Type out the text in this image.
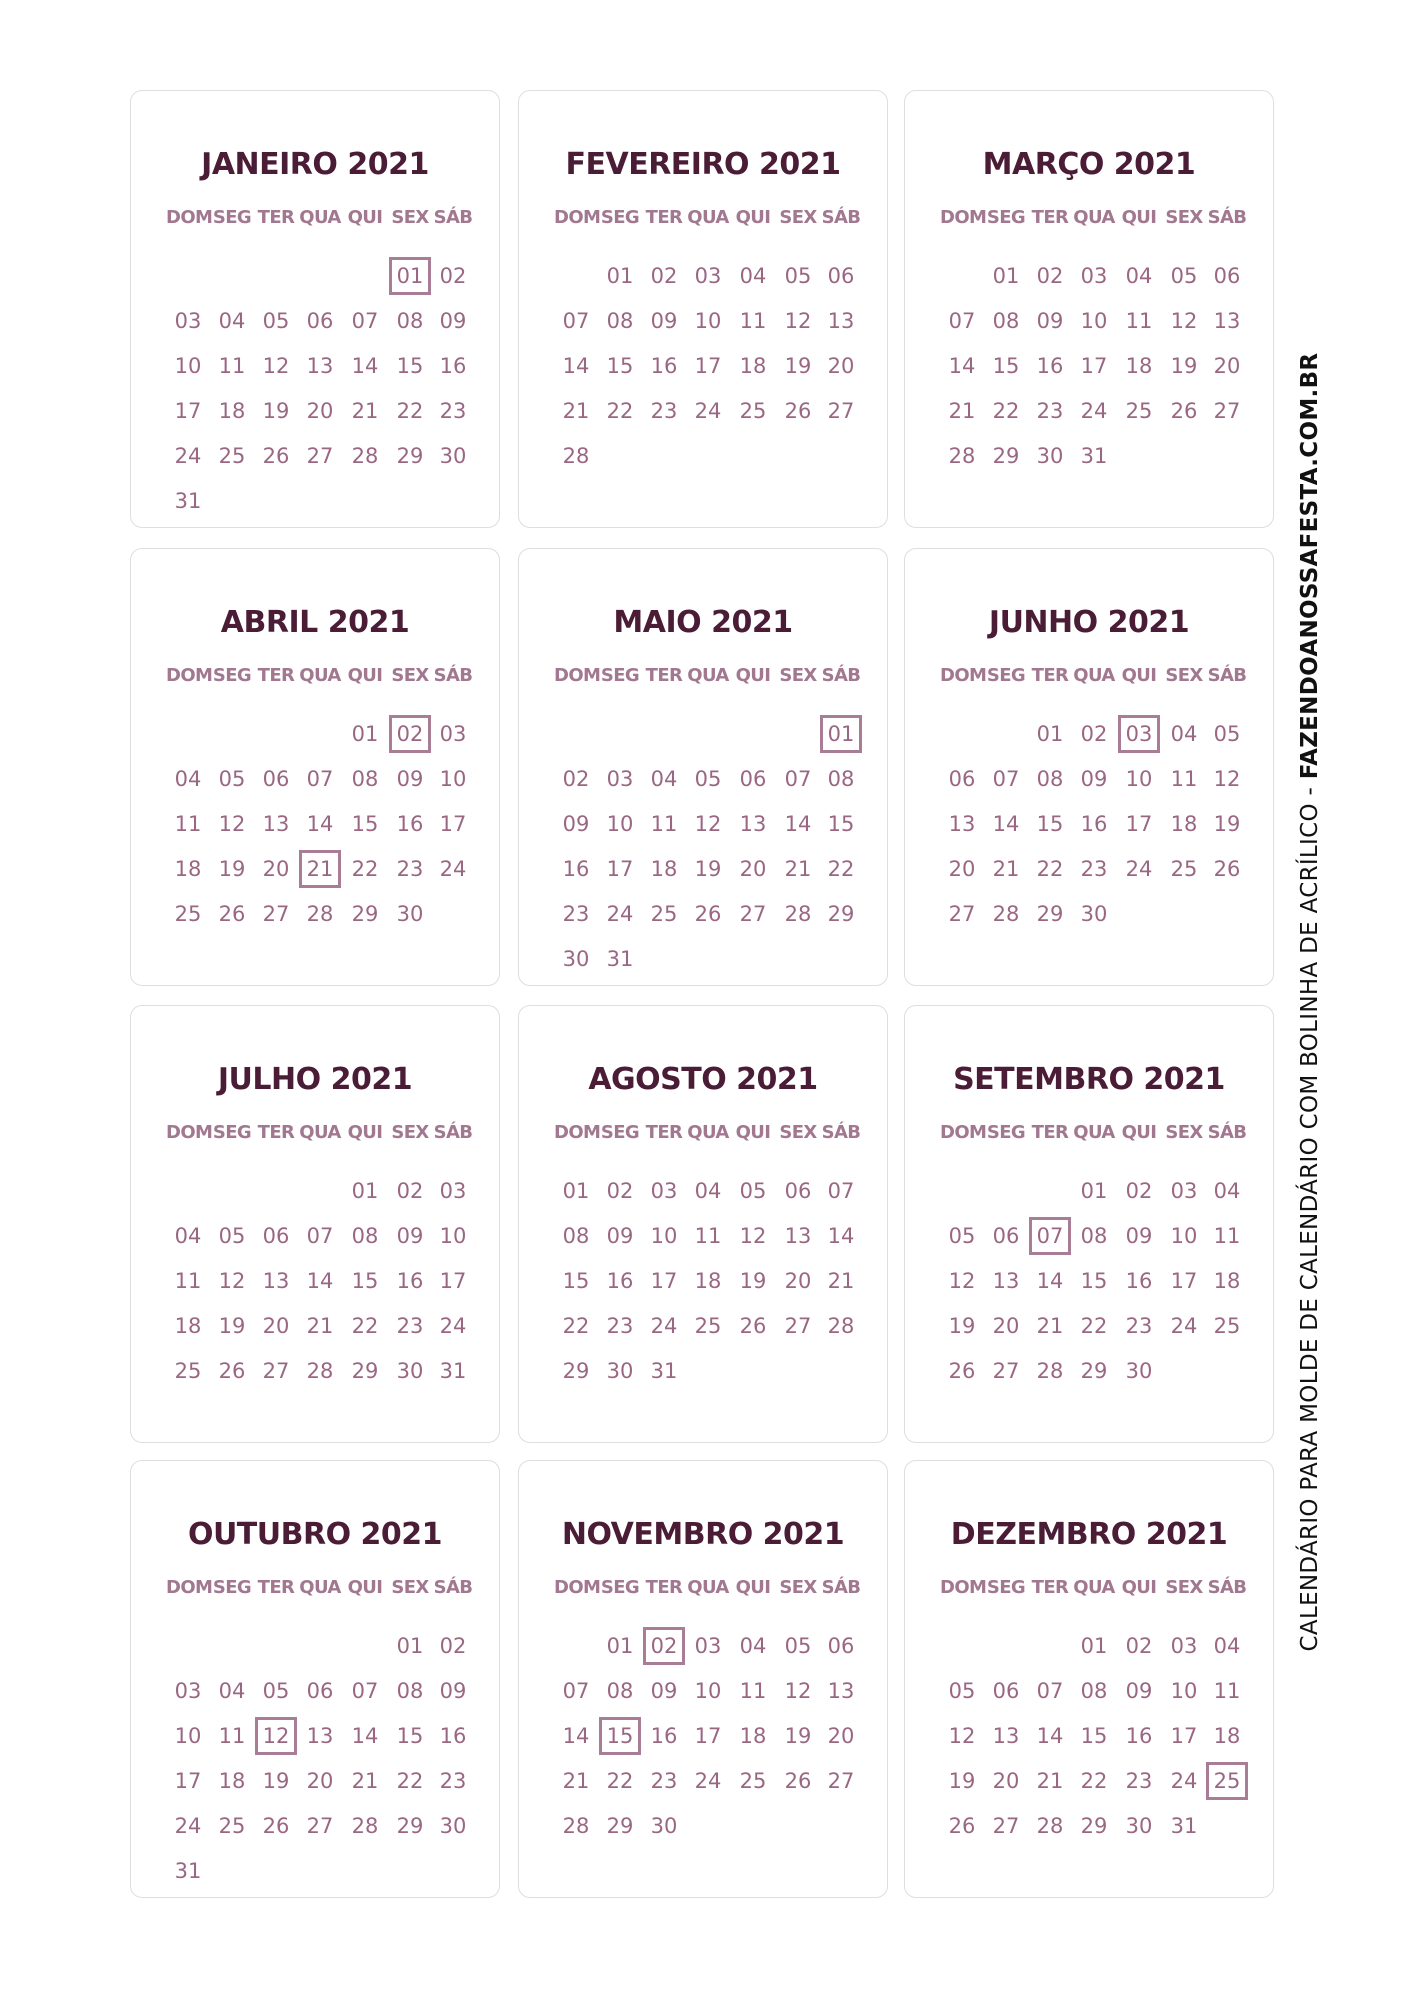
JANEIRO 2021
DOM SEG TER QUA QUI SEX SÁB
01 02
03 04 05 06 07 08 09
10 11 12 13 14 15 16
17 18 19 20 21 22 23
24 25 26 27 28 29 30
31
FEVEREIRO 2021
DOM SEG TER QUA QUI SEX SÁB
01 02 03 04 05 06
07 08 09 10 11 12 13
14 15 16 17 18 19 20
21 22 23 24 25 26 27
28
MARÇO 2021
DOM SEG TER QUA QUI SEX SÁB
01 02 03 04 05 06
07 08 09 10 11 12 13
14 15 16 17 18 19 20
21 22 23 24 25 26 27
28 29 30 31
ABRIL 2021
DOM SEG TER QUA QUI SEX SÁB
01 02 03
04 05 06 07 08 09 10
11 12 13 14 15 16 17
18 19 20 21 22 23 24
25 26 27 28 29 30
MAIO 2021
DOM SEG TER QUA QUI SEX SÁB
01
02 03 04 05 06 07 08
09 10 11 12 13 14 15
16 17 18 19 20 21 22
23 24 25 26 27 28 29
30 31
JUNHO 2021
DOM SEG TER QUA QUI SEX SÁB
01 02 03 04 05
06 07 08 09 10 11 12
13 14 15 16 17 18 19
20 21 22 23 24 25 26
27 28 29 30
JULHO 2021
DOM SEG TER QUA QUI SEX SÁB
01 02 03
04 05 06 07 08 09 10
11 12 13 14 15 16 17
18 19 20 21 22 23 24
25 26 27 28 29 30 31
AGOSTO 2021
DOM SEG TER QUA QUI SEX SÁB
01 02 03 04 05 06 07
08 09 10 11 12 13 14
15 16 17 18 19 20 21
22 23 24 25 26 27 28
29 30 31
SETEMBRO 2021
DOM SEG TER QUA QUI SEX SÁB
01 02 03 04
05 06 07 08 09 10 11
12 13 14 15 16 17 18
19 20 21 22 23 24 25
26 27 28 29 30
OUTUBRO 2021
DOM SEG TER QUA QUI SEX SÁB
01 02
03 04 05 06 07 08 09
10 11 12 13 14 15 16
17 18 19 20 21 22 23
24 25 26 27 28 29 30
31
NOVEMBRO 2021
DOM SEG TER QUA QUI SEX SÁB
01 02 03 04 05 06
07 08 09 10 11 12 13
14 15 16 17 18 19 20
21 22 23 24 25 26 27
28 29 30
DEZEMBRO 2021
DOM SEG TER QUA QUI SEX SÁB
01 02 03 04
05 06 07 08 09 10 11
12 13 14 15 16 17 18
19 20 21 22 23 24 25
26 27 28 29 30 31
CALENDÁRIO PARA MOLDE DE CALENDÁRIO COM BOLINHA DE ACRÍLICO - FAZENDOANOSSAFESTA.COM.BR
